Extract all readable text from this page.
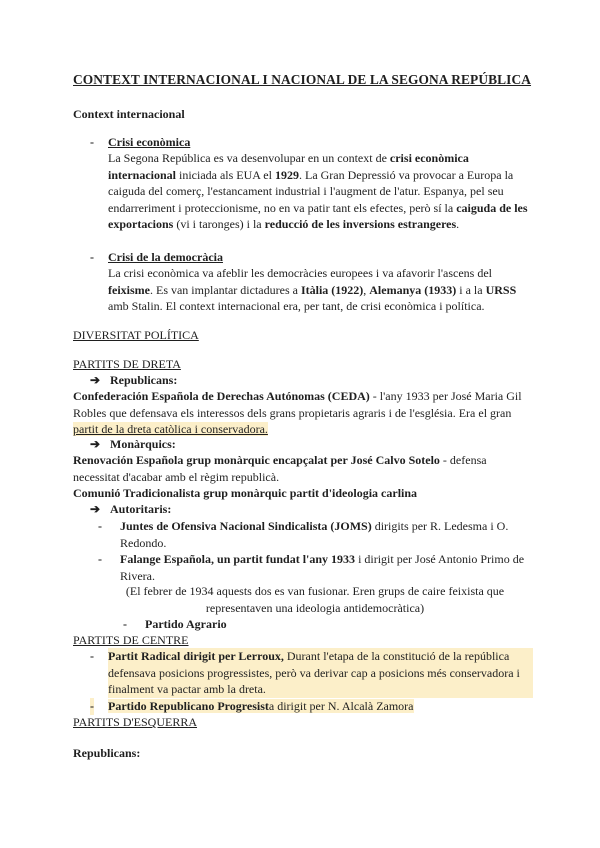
CONTEXT INTERNACIONAL I NACIONAL DE LA SEGONA REPÚBLICA
Context internacional
- Crisi econòmica
La Segona República es va desenvolupar en un context de crisi econòmica internacional iniciada als EUA el 1929. La Gran Depressió va provocar a Europa la caiguda del comerç, l'estancament industrial i l'augment de l'atur. Espanya, pel seu endarreriment i proteccionisme, no en va patir tant els efectes, però sí la caiguda de les exportacions (vi i taronges) i la reducció de les inversions estrangeres.
- Crisi de la democràcia
La crisi econòmica va afeblir les democràcies europees i va afavorir l'ascens del feixisme. Es van implantar dictadures a Itàlia (1922), Alemanya (1933) i a la URSS amb Stalin. El context internacional era, per tant, de crisi econòmica i política.
DIVERSITAT POLÍTICA
PARTITS DE DRETA
➔ Republicans:
Confederación Española de Derechas Autónomas (CEDA) - l'any 1933 per José Maria Gil Robles que defensava els interessos dels grans propietaris agraris i de l'església. Era el gran partit de la dreta catòlica i conservadora.
➔ Monàrquics:
Renovación Española grup monàrquic encapçalat per José Calvo Sotelo - defensa necessitat d'acabar amb el règim republicà.
Comunió Tradicionalista grup monàrquic partit d'ideologia carlina
➔ Autoritaris:
- Juntes de Ofensiva Nacional Sindicalista (JOMS) dirigits per R. Ledesma i O. Redondo.
- Falange Española, un partit fundat l'any 1933 i dirigit per José Antonio Primo de Rivera.
(El febrer de 1934 aquests dos es van fusionar. Eren grups de caire feixista que representaven una ideologia antidemocràtica)
- Partido Agrario
PARTITS DE CENTRE
- Partit Radical dirigit per Lerroux, Durant l'etapa de la constitució de la república defensava posicions progressistes, però va derivar cap a posicions més conservadora i finalment va pactar amb la dreta.
- Partido Republicano Progresista dirigit per N. Alcalà Zamora
PARTITS D'ESQUERRA
Republicans:
